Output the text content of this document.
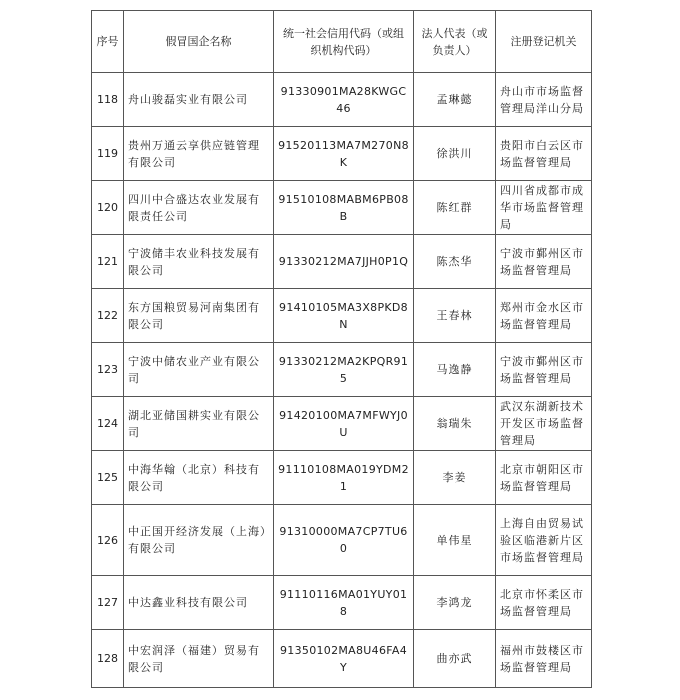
序号	假冒国企名称	统一社会信用代码（或组织机构代码）	法人代表（或负责人）	注册登记机关
118	舟山骏磊实业有限公司	91330901MA28KWGC46	孟琳懿	舟山市市场监督管理局洋山分局
119	贵州万通云享供应链管理有限公司	91520113MA7M270N8K	徐洪川	贵阳市白云区市场监督管理局
120	四川中合盛达农业发展有限责任公司	91510108MABM6PB08B	陈红群	四川省成都市成华市场监督管理局
121	宁波储丰农业科技发展有限公司	91330212MA7JJH0P1Q	陈杰华	宁波市鄞州区市场监督管理局
122	东方国粮贸易河南集团有限公司	91410105MA3X8PKD8N	王春林	郑州市金水区市场监督管理局
123	宁波中储农业产业有限公司	91330212MA2KPQR915	马逸静	宁波市鄞州区市场监督管理局
124	湖北亚储国耕实业有限公司	91420100MA7MFWYJ0U	翁瑞朱	武汉东湖新技术开发区市场监督管理局
125	中海华翰（北京）科技有限公司	91110108MA019YDM21	李姜	北京市朝阳区市场监督管理局
126	中正国开经济发展（上海）有限公司	91310000MA7CP7TU60	单伟星	上海自由贸易试验区临港新片区市场监督管理局
127	中达鑫业科技有限公司	91110116MA01YUY018	李鸿龙	北京市怀柔区市场监督管理局
128	中宏润泽（福建）贸易有限公司	91350102MA8U46FA4Y	曲亦武	福州市鼓楼区市场监督管理局
